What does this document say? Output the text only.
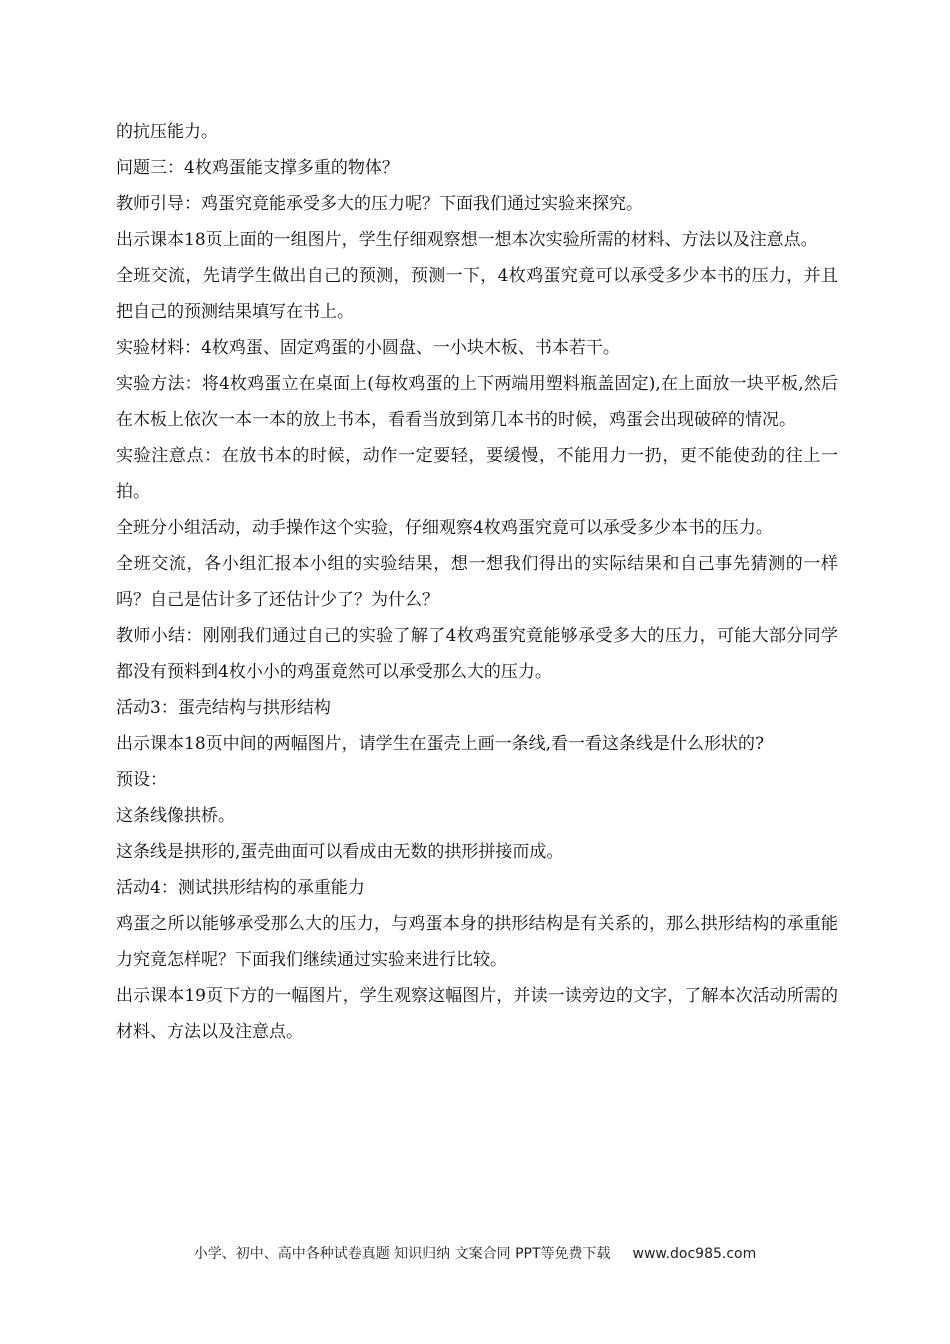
的抗压能力。

问题三：4枚鸡蛋能支撑多重的物体？

教师引导：鸡蛋究竟能承受多大的压力呢？下面我们通过实验来探究。

出示课本18页上面的一组图片，学生仔细观察想一想本次实验所需的材料、方法以及注意点。

全班交流，先请学生做出自己的预测，预测一下，4枚鸡蛋究竟可以承受多少本书的压力，并且把自己的预测结果填写在书上。

实验材料：4枚鸡蛋、固定鸡蛋的小圆盘、一小块木板、书本若干。

实验方法：将4枚鸡蛋立在桌面上(每枚鸡蛋的上下两端用塑料瓶盖固定),在上面放一块平板,然后在木板上依次一本一本的放上书本，看看当放到第几本书的时候，鸡蛋会出现破碎的情况。

实验注意点：在放书本的时候，动作一定要轻，要缓慢，不能用力一扔，更不能使劲的往上一拍。

全班分小组活动，动手操作这个实验，仔细观察4枚鸡蛋究竟可以承受多少本书的压力。

全班交流，各小组汇报本小组的实验结果，想一想我们得出的实际结果和自己事先猜测的一样吗？自己是估计多了还估计少了？为什么？

教师小结：刚刚我们通过自己的实验了解了4枚鸡蛋究竟能够承受多大的压力，可能大部分同学都没有预料到4枚小小的鸡蛋竟然可以承受那么大的压力。

活动3：蛋壳结构与拱形结构

出示课本18页中间的两幅图片，请学生在蛋壳上画一条线,看一看这条线是什么形状的?

预设：

这条线像拱桥。

这条线是拱形的,蛋壳曲面可以看成由无数的拱形拼接而成。

活动4：测试拱形结构的承重能力

鸡蛋之所以能够承受那么大的压力，与鸡蛋本身的拱形结构是有关系的，那么拱形结构的承重能力究竟怎样呢？下面我们继续通过实验来进行比较。

出示课本19页下方的一幅图片，学生观察这幅图片，并读一读旁边的文字，了解本次活动所需的材料、方法以及注意点。

小学、初中、高中各种试卷真题 知识归纳 文案合同 PPT等免费下载 www.doc985.com
